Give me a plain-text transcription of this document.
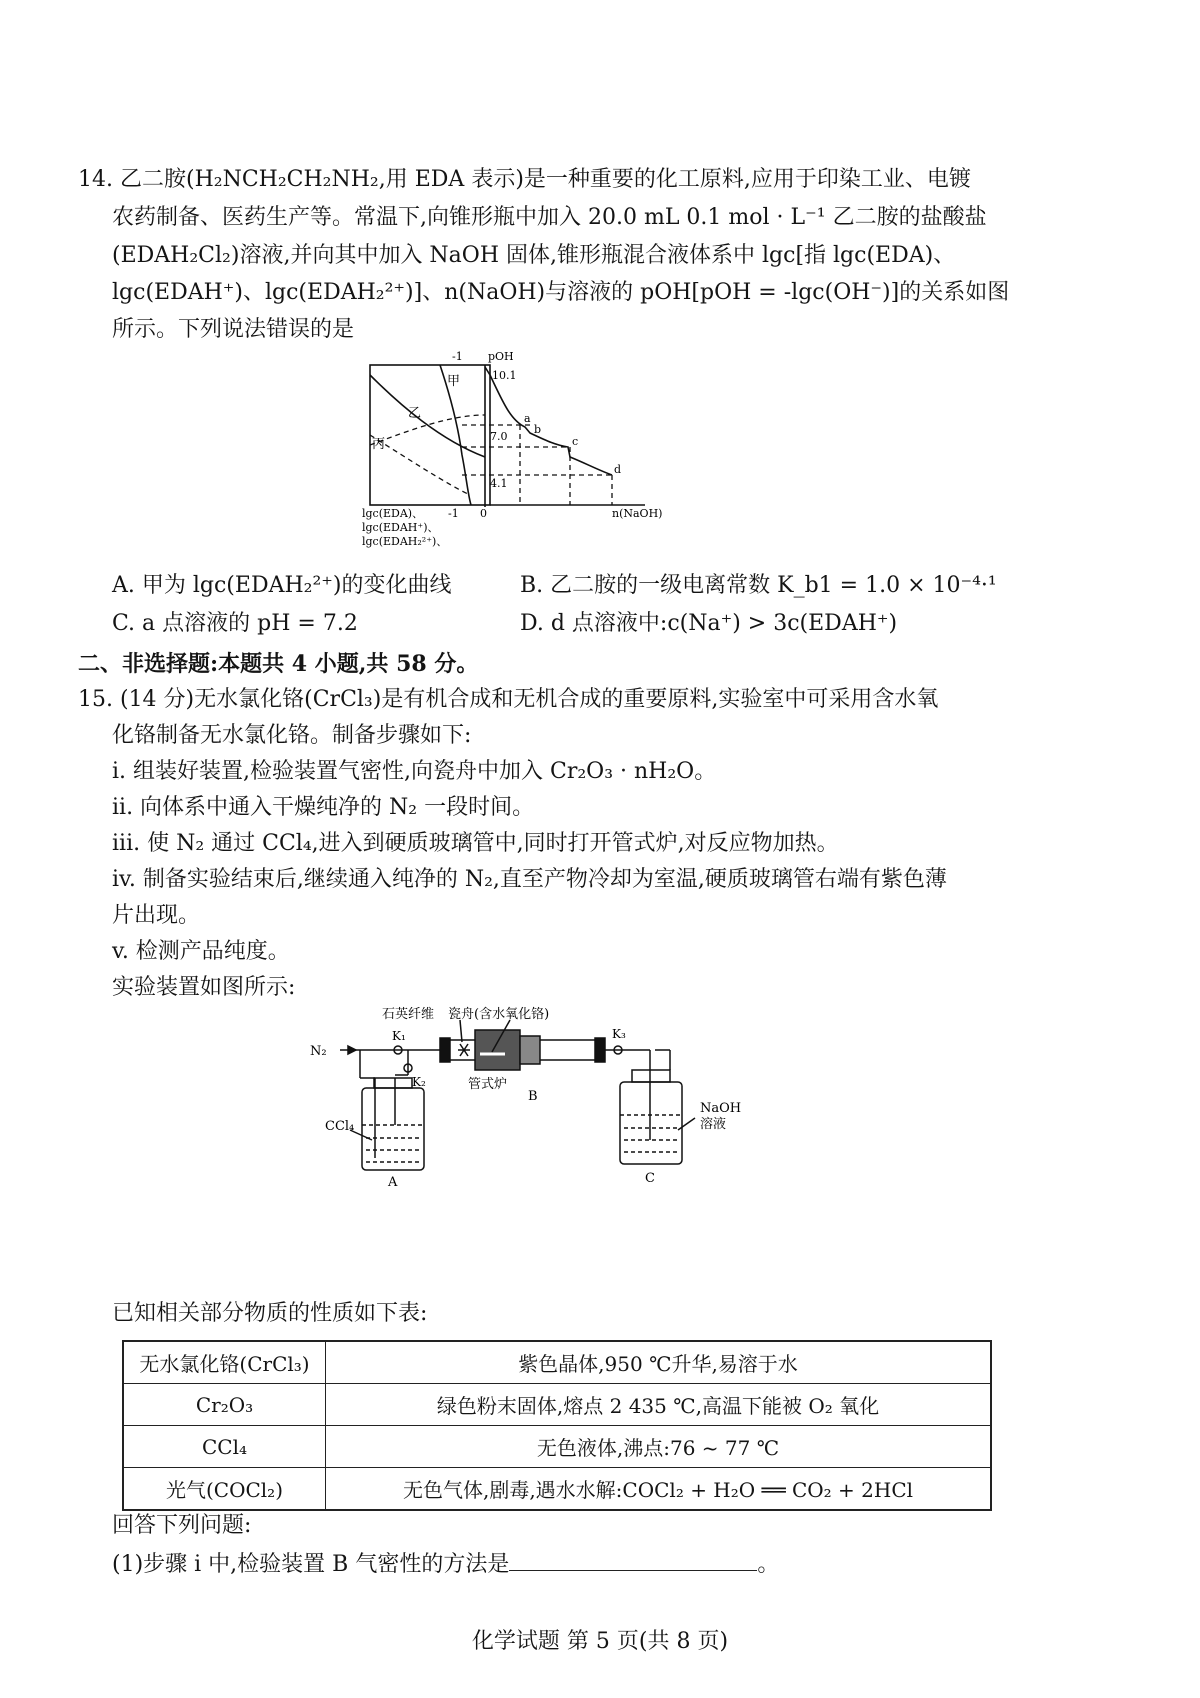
14. 乙二胺(H₂NCH₂CH₂NH₂,用 EDA 表示)是一种重要的化工原料,应用于印染工业、电镀
农药制备、医药生产等。常温下,向锥形瓶中加入 20.0 mL 0.1 mol · L⁻¹ 乙二胺的盐酸盐
(EDAH₂Cl₂)溶液,并向其中加入 NaOH 固体,锥形瓶混合液体系中 lgc[指 lgc(EDA)、
lgc(EDAH⁺)、lgc(EDAH₂²⁺)]、n(NaOH)与溶液的 pOH[pOH = -lgc(OH⁻)]的关系如图
所示。下列说法错误的是
-1 pOH
甲	10.1
乙
丙
a
b
c
d
7.0
4.1
-1 0	n(NaOH)
lgc(EDA)、
lgc(EDAH⁺)、
lgc(EDAH₂²⁺)、
A. 甲为 lgc(EDAH₂²⁺)的变化曲线	B. 乙二胺的一级电离常数 K_b1 = 1.0 × 10⁻⁴·¹
C. a 点溶液的 pH = 7.2	D. d 点溶液中:c(Na⁺) > 3c(EDAH⁺)
二、非选择题:本题共 4 小题,共 58 分。
15. (14 分)无水氯化铬(CrCl₃)是有机合成和无机合成的重要原料,实验室中可采用含水氧
化铬制备无水氯化铬。制备步骤如下:
i. 组装好装置,检验装置气密性,向瓷舟中加入 Cr₂O₃ · nH₂O。
ii. 向体系中通入干燥纯净的 N₂ 一段时间。
iii. 使 N₂ 通过 CCl₄,进入到硬质玻璃管中,同时打开管式炉,对反应物加热。
iv. 制备实验结束后,继续通入纯净的 N₂,直至产物冷却为室温,硬质玻璃管右端有紫色薄
片出现。
v. 检测产品纯度。
实验装置如图所示:
石英纤维 瓷舟(含水氧化铬)
N₂
K₁
K₂
K₃
管式炉
B
CCl₄
A
NaOH
溶液
C
已知相关部分物质的性质如下表:
无水氯化铬(CrCl₃)	紫色晶体,950 ℃升华,易溶于水
Cr₂O₃	绿色粉末固体,熔点 2 435 ℃,高温下能被 O₂ 氧化
CCl₄	无色液体,沸点:76 ~ 77 ℃
光气(COCl₂)	无色气体,剧毒,遇水水解:COCl₂ + H₂O ══ CO₂ + 2HCl
回答下列问题:
(1)步骤 i 中,检验装置 B 气密性的方法是	。
化学试题 第 5 页(共 8 页)
